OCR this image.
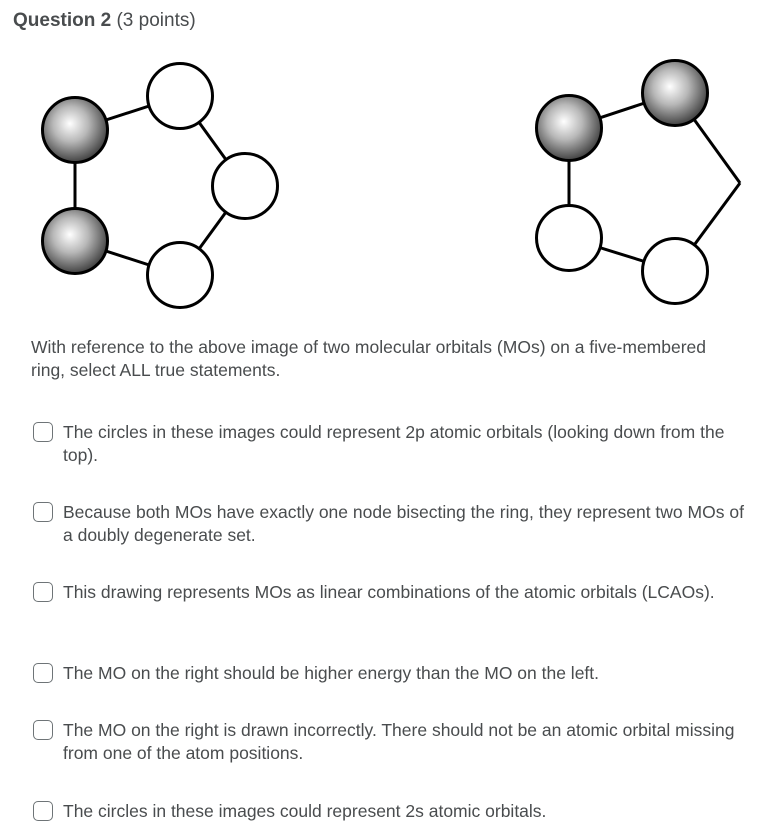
Question 2 (3 points)
With reference to the above image of two molecular orbitals (MOs) on a five-membered ring, select ALL true statements.
The circles in these images could represent 2p atomic orbitals (looking down from the top).
Because both MOs have exactly one node bisecting the ring, they represent two MOs of a doubly degenerate set.
This drawing represents MOs as linear combinations of the atomic orbitals (LCAOs).
The MO on the right should be higher energy than the MO on the left.
The MO on the right is drawn incorrectly. There should not be an atomic orbital missing from one of the atom positions.
The circles in these images could represent 2s atomic orbitals.
